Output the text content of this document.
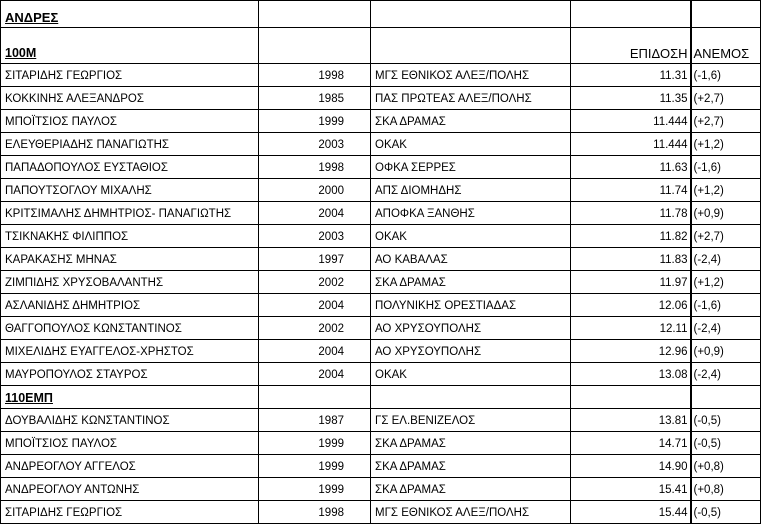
ΑΝΔΡΕΣ				
100Μ			ΕΠΙΔΟΣΗ	ΑΝΕΜΟΣ
ΣΙΤΑΡΙΔΗΣ ΓΕΩΡΓΙΟΣ	1998	ΜΓΣ ΕΘΝΙΚΟΣ ΑΛΕΞ/ΠΟΛΗΣ	11.31	(-1,6)
ΚΟΚΚΙΝΗΣ ΑΛΕΞΑΝΔΡΟΣ	1985	ΠΑΣ ΠΡΩΤΕΑΣ ΑΛΕΞ/ΠΟΛΗΣ	11.35	(+2,7)
ΜΠΟΪΤΣΙΟΣ ΠΑΥΛΟΣ	1999	ΣΚΑ ΔΡΑΜΑΣ	11.444	(+2,7)
ΕΛΕΥΘΕΡΙΑΔΗΣ ΠΑΝΑΓΙΩΤΗΣ	2003	ΟΚΑΚ	11.444	(+1,2)
ΠΑΠΑΔΟΠΟΥΛΟΣ ΕΥΣΤΑΘΙΟΣ	1998	ΟΦΚΑ ΣΕΡΡΕΣ	11.63	(-1,6)
ΠΑΠΟΥΤΣΟΓΛΟΥ ΜΙΧΑΛΗΣ	2000	ΑΠΣ ΔΙΟΜΗΔΗΣ	11.74	(+1,2)
ΚΡΙΤΣΙΜΑΛΗΣ ΔΗΜΗΤΡΙΟΣ- ΠΑΝΑΓΙΩΤΗΣ	2004	ΑΠΟΦΚΑ ΞΑΝΘΗΣ	11.78	(+0,9)
ΤΣΙΚΝΑΚΗΣ ΦΙΛΙΠΠΟΣ	2003	ΟΚΑΚ	11.82	(+2,7)
ΚΑΡΑΚΑΣΗΣ ΜΗΝΑΣ	1997	ΑΟ ΚΑΒΑΛΑΣ	11.83	(-2,4)
ΖΙΜΠΙΔΗΣ ΧΡΥΣΟΒΑΛΑΝΤΗΣ	2002	ΣΚΑ ΔΡΑΜΑΣ	11.97	(+1,2)
ΑΣΛΑΝΙΔΗΣ ΔΗΜΗΤΡΙΟΣ	2004	ΠΟΛΥΝΙΚΗΣ ΟΡΕΣΤΙΑΔΑΣ	12.06	(-1,6)
ΘΑΓΓΟΠΟΥΛΟΣ ΚΩΝΣΤΑΝΤΙΝΟΣ	2002	ΑΟ ΧΡΥΣΟΥΠΟΛΗΣ	12.11	(-2,4)
ΜΙΧΕΛΙΔΗΣ ΕΥΑΓΓΕΛΟΣ-ΧΡΗΣΤΟΣ	2004	ΑΟ ΧΡΥΣΟΥΠΟΛΗΣ	12.96	(+0,9)
ΜΑΥΡΟΠΟΥΛΟΣ ΣΤΑΥΡΟΣ	2004	ΟΚΑΚ	13.08	(-2,4)
110ΕΜΠ				
ΔΟΥΒΑΛΙΔΗΣ ΚΩΝΣΤΑΝΤΙΝΟΣ	1987	ΓΣ ΕΛ.ΒΕΝΙΖΕΛΟΣ	13.81	(-0,5)
ΜΠΟΪΤΣΙΟΣ ΠΑΥΛΟΣ	1999	ΣΚΑ ΔΡΑΜΑΣ	14.71	(-0,5)
ΑΝΔΡΕΟΓΛΟΥ ΑΓΓΕΛΟΣ	1999	ΣΚΑ ΔΡΑΜΑΣ	14.90	(+0,8)
ΑΝΔΡΕΟΓΛΟΥ ΑΝΤΩΝΗΣ	1999	ΣΚΑ ΔΡΑΜΑΣ	15.41	(+0,8)
ΣΙΤΑΡΙΔΗΣ ΓΕΩΡΓΙΟΣ	1998	ΜΓΣ ΕΘΝΙΚΟΣ ΑΛΕΞ/ΠΟΛΗΣ	15.44	(-0,5)
